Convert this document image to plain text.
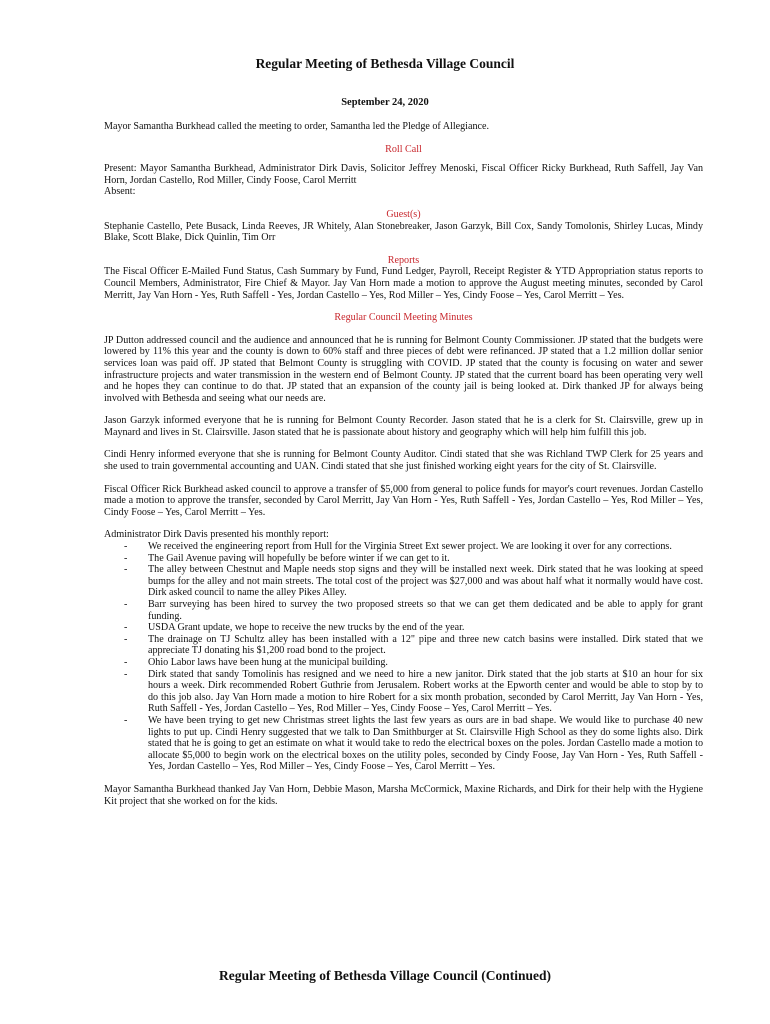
Regular Meeting of Bethesda Village Council
September 24, 2020

Mayor Samantha Burkhead called the meeting to order, Samantha led the Pledge of Allegiance.

Roll Call

Present: Mayor Samantha Burkhead, Administrator Dirk Davis, Solicitor Jeffrey Menoski, Fiscal Officer Ricky Burkhead, Ruth Saffell, Jay Van Horn, Jordan Castello, Rod Miller, Cindy Foose, Carol Merritt

Absent:

Guest(s)

Stephanie Castello, Pete Busack, Linda Reeves, JR Whitely, Alan Stonebreaker, Jason Garzyk, Bill Cox, Sandy Tomolonis, Shirley Lucas, Mindy Blake, Scott Blake, Dick Quinlin, Tim Orr

Reports

The Fiscal Officer E-Mailed Fund Status, Cash Summary by Fund, Fund Ledger, Payroll, Receipt Register & YTD Appropriation status reports to Council Members, Administrator, Fire Chief & Mayor. Jay Van Horn made a motion to approve the August meeting minutes, seconded by Carol Merritt, Jay Van Horn - Yes, Ruth Saffell - Yes, Jordan Castello – Yes, Rod Miller – Yes, Cindy Foose – Yes, Carol Merritt – Yes.

Regular Council Meeting Minutes

JP Dutton addressed council and the audience and announced that he is running for Belmont County Commissioner. JP stated that the budgets were lowered by 11% this year and the county is down to 60% staff and three pieces of debt were refinanced. JP stated that a 1.2 million dollar senior services loan was paid off. JP stated that Belmont County is struggling with COVID. JP stated that the county is focusing on water and sewer infrastructure projects and water transmission in the western end of Belmont County. JP stated that the current board has been operating very well and he hopes they can continue to do that. JP stated that an expansion of the county jail is being looked at. Dirk thanked JP for always being involved with Bethesda and seeing what our needs are.

Jason Garzyk informed everyone that he is running for Belmont County Recorder. Jason stated that he is a clerk for St. Clairsville, grew up in Maynard and lives in St. Clairsville. Jason stated that he is passionate about history and geography which will help him fulfill this job.

Cindi Henry informed everyone that she is running for Belmont County Auditor. Cindi stated that she was Richland TWP Clerk for 25 years and she used to train governmental accounting and UAN. Cindi stated that she just finished working eight years for the city of St. Clairsville.

Fiscal Officer Rick Burkhead asked council to approve a transfer of $5,000 from general to police funds for mayor's court revenues. Jordan Castello made a motion to approve the transfer, seconded by Carol Merritt, Jay Van Horn - Yes, Ruth Saffell - Yes, Jordan Castello – Yes, Rod Miller – Yes, Cindy Foose – Yes, Carol Merritt – Yes.

Administrator Dirk Davis presented his monthly report:

- We received the engineering report from Hull for the Virginia Street Ext sewer project. We are looking it over for any corrections.
- The Gail Avenue paving will hopefully be before winter if we can get to it.
- The alley between Chestnut and Maple needs stop signs and they will be installed next week. Dirk stated that he was looking at speed bumps for the alley and not main streets. The total cost of the project was $27,000 and was about half what it normally would have cost. Dirk asked council to name the alley Pikes Alley.
- Barr surveying has been hired to survey the two proposed streets so that we can get them dedicated and be able to apply for grant funding.
- USDA Grant update, we hope to receive the new trucks by the end of the year.
- The drainage on TJ Schultz alley has been installed with a 12" pipe and three new catch basins were installed. Dirk stated that we appreciate TJ donating his $1,200 road bond to the project.
- Ohio Labor laws have been hung at the municipal building.
- Dirk stated that sandy Tomolinis has resigned and we need to hire a new janitor. Dirk stated that the job starts at $10 an hour for six hours a week. Dirk recommended Robert Guthrie from Jerusalem. Robert works at the Epworth center and would be able to stop by to do this job also. Jay Van Horn made a motion to hire Robert for a six month probation, seconded by Carol Merritt, Jay Van Horn - Yes, Ruth Saffell - Yes, Jordan Castello – Yes, Rod Miller – Yes, Cindy Foose – Yes, Carol Merritt – Yes.
- We have been trying to get new Christmas street lights the last few years as ours are in bad shape. We would like to purchase 40 new lights to put up. Cindi Henry suggested that we talk to Dan Smithburger at St. Clairsville High School as they do some lights also. Dirk stated that he is going to get an estimate on what it would take to redo the electrical boxes on the poles. Jordan Castello made a motion to allocate $5,000 to begin work on the electrical boxes on the utility poles, seconded by Cindy Foose, Jay Van Horn - Yes, Ruth Saffell - Yes, Jordan Castello – Yes, Rod Miller – Yes, Cindy Foose – Yes, Carol Merritt – Yes.

Mayor Samantha Burkhead thanked Jay Van Horn, Debbie Mason, Marsha McCormick, Maxine Richards, and Dirk for their help with the Hygiene Kit project that she worked on for the kids.

Regular Meeting of Bethesda Village Council (Continued)
